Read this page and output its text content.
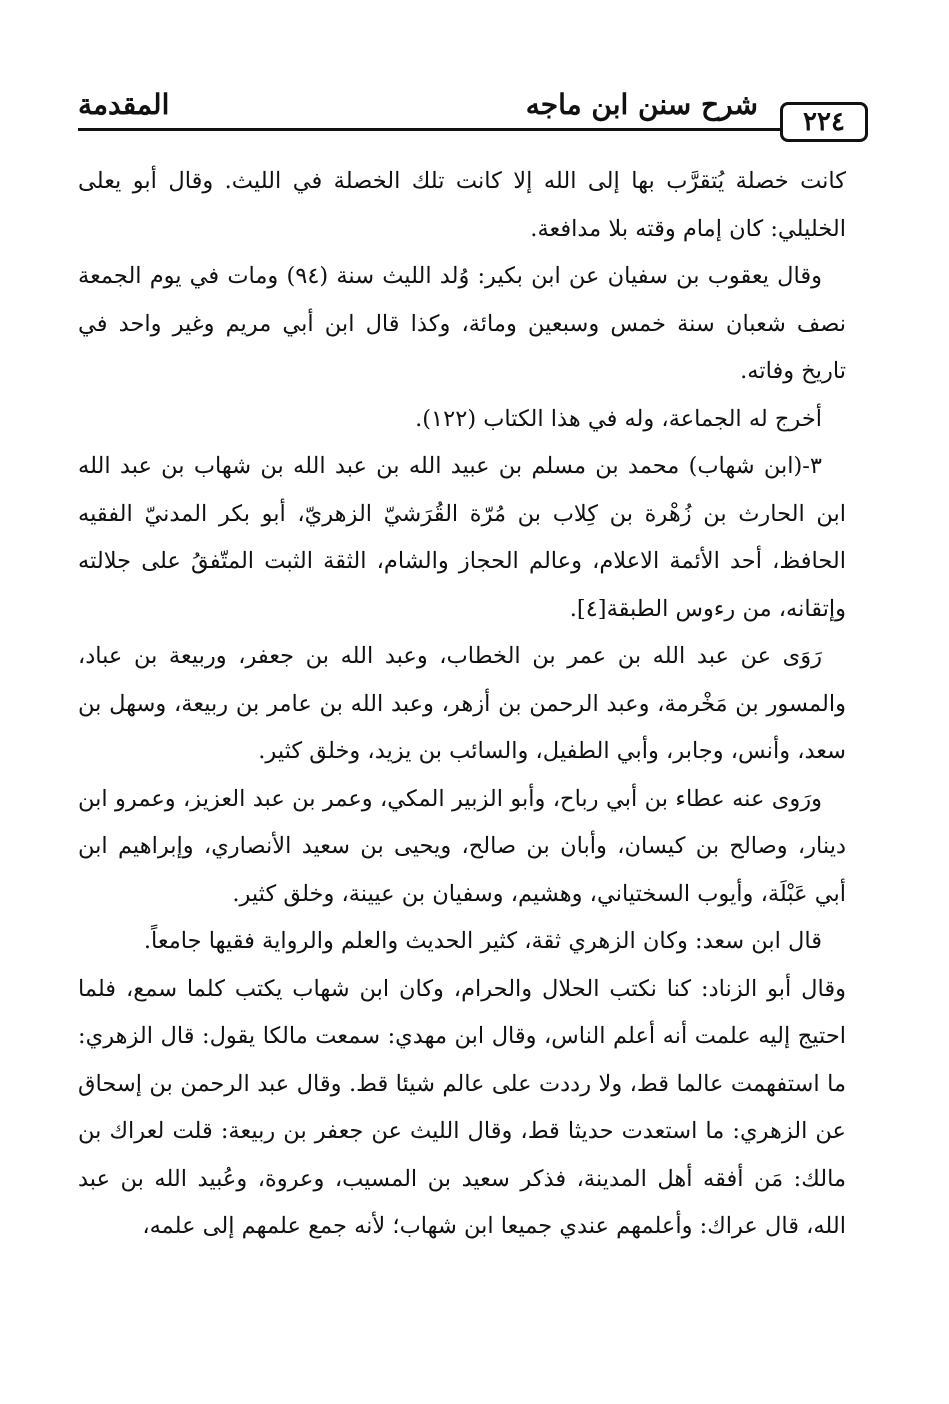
٢٢٤
شرح سنن ابن ماجه
المقدمة

كانت خصلة يُتقرَّب بها إلى الله إلا كانت تلك الخصلة في الليث. وقال أبو يعلى الخليلي: كان إمام وقته بلا مدافعة.

وقال يعقوب بن سفيان عن ابن بكير: وُلد الليث سنة (٩٤) ومات في يوم الجمعة نصف شعبان سنة خمس وسبعين ومائة، وكذا قال ابن أبي مريم وغير واحد في تاريخ وفاته.

أخرج له الجماعة، وله في هذا الكتاب (١٢٢).

٣-(ابن شهاب) محمد بن مسلم بن عبيد الله بن عبد الله بن شهاب بن عبد الله ابن الحارث بن زُهْرة بن كِلاب بن مُرّة القُرَشيّ الزهريّ، أبو بكر المدنيّ الفقيه الحافظ، أحد الأئمة الاعلام، وعالم الحجاز والشام، الثقة الثبت المتّفقُ على جلالته وإتقانه، من رءوس الطبقة[٤].

رَوَى عن عبد الله بن عمر بن الخطاب، وعبد الله بن جعفر، وربيعة بن عباد، والمسور بن مَخْرمة، وعبد الرحمن بن أزهر، وعبد الله بن عامر بن ربيعة، وسهل بن سعد، وأنس، وجابر، وأبي الطفيل، والسائب بن يزيد، وخلق كثير.

ورَوى عنه عطاء بن أبي رباح، وأبو الزبير المكي، وعمر بن عبد العزيز، وعمرو ابن دينار، وصالح بن كيسان، وأبان بن صالح، ويحيى بن سعيد الأنصاري، وإبراهيم ابن أبي عَبْلَة، وأيوب السختياني، وهشيم، وسفيان بن عيينة، وخلق كثير.

قال ابن سعد: وكان الزهري ثقة، كثير الحديث والعلم والرواية فقيها جامعاً.

وقال أبو الزناد: كنا نكتب الحلال والحرام، وكان ابن شهاب يكتب كلما سمع، فلما احتيج إليه علمت أنه أعلم الناس، وقال ابن مهدي: سمعت مالكا يقول: قال الزهري: ما استفهمت عالما قط، ولا رددت على عالم شيئا قط. وقال عبد الرحمن بن إسحاق عن الزهري: ما استعدت حديثا قط، وقال الليث عن جعفر بن ربيعة: قلت لعراك بن مالك: مَن أفقه أهل المدينة، فذكر سعيد بن المسيب، وعروة، وعُبيد الله بن عبد الله، قال عراك: وأعلمهم عندي جميعا ابن شهاب؛ لأنه جمع علمهم إلى علمه،
